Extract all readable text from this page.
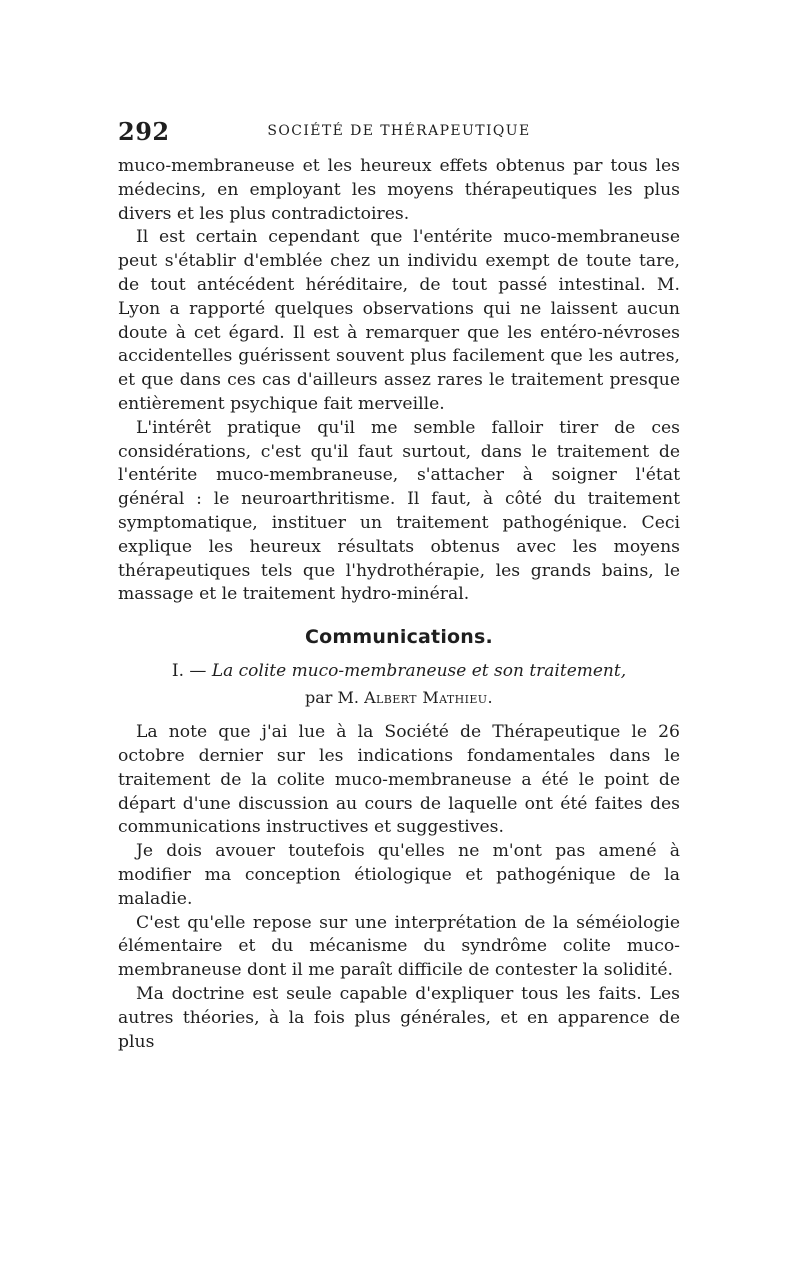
292	SOCIÉTÉ DE THÉRAPEUTIQUE

muco-membraneuse et les heureux effets obtenus par tous les médecins, en employant les moyens thérapeutiques les plus divers et les plus contradictoires.

Il est certain cependant que l'entérite muco-membraneuse peut s'établir d'emblée chez un individu exempt de toute tare, de tout antécédent héréditaire, de tout passé intestinal. M. Lyon a rapporté quelques observations qui ne laissent aucun doute à cet égard. Il est à remarquer que les entéro-névroses accidentelles guérissent souvent plus facilement que les autres, et que dans ces cas d'ailleurs assez rares le traitement presque entièrement psychique fait merveille.

L'intérêt pratique qu'il me semble falloir tirer de ces considérations, c'est qu'il faut surtout, dans le traitement de l'entérite muco-membraneuse, s'attacher à soigner l'état général : le neuroarthritisme. Il faut, à côté du traitement symptomatique, instituer un traitement pathogénique. Ceci explique les heureux résultats obtenus avec les moyens thérapeutiques tels que l'hydrothérapie, les grands bains, le massage et le traitement hydro-minéral.

Communications.
I. — La colite muco-membraneuse et son traitement,
par M. Albert Mathieu.

La note que j'ai lue à la Société de Thérapeutique le 26 octobre dernier sur les indications fondamentales dans le traitement de la colite muco-membraneuse a été le point de départ d'une discussion au cours de laquelle ont été faites des communications instructives et suggestives.

Je dois avouer toutefois qu'elles ne m'ont pas amené à modifier ma conception étiologique et pathogénique de la maladie.

C'est qu'elle repose sur une interprétation de la séméiologie élémentaire et du mécanisme du syndrôme colite muco-membraneuse dont il me paraît difficile de contester la solidité.

Ma doctrine est seule capable d'expliquer tous les faits. Les autres théories, à la fois plus générales, et en apparence de plus
